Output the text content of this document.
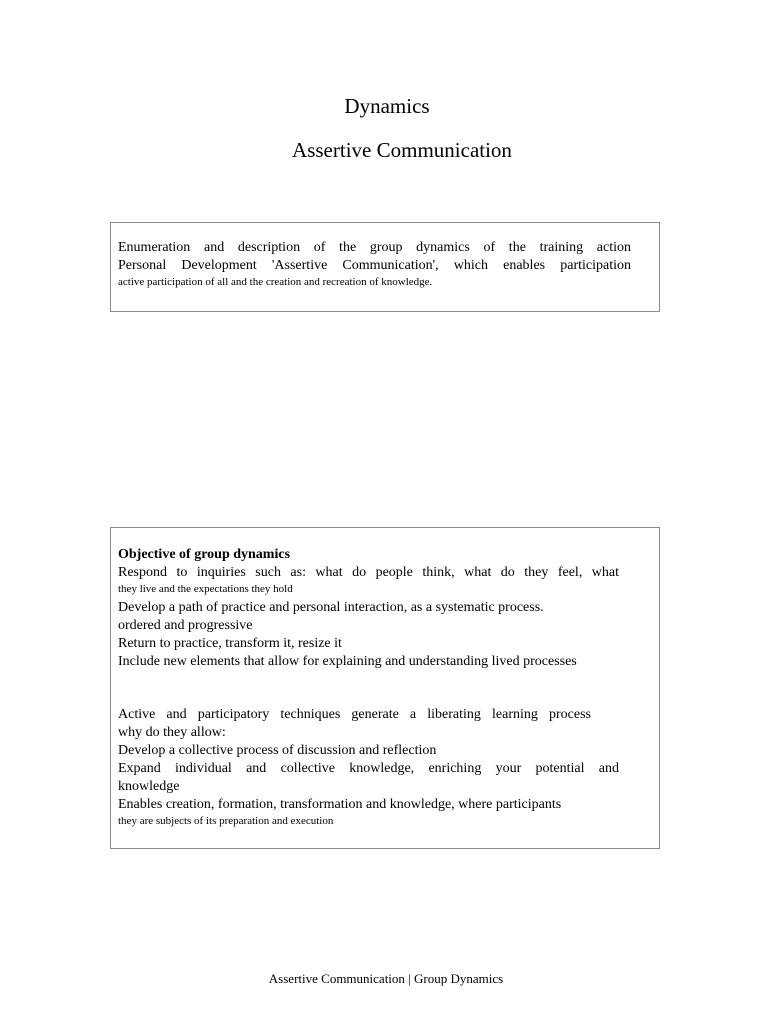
Dynamics
Assertive Communication
Enumeration and description of the group dynamics of the training action
Personal Development 'Assertive Communication', which enables participation
active participation of all and the creation and recreation of knowledge.
Objective of group dynamics
Respond to inquiries such as: what do people think, what do they feel, what
they live and the expectations they hold
Develop a path of practice and personal interaction, as a systematic process.
ordered and progressive
Return to practice, transform it, resize it
Include new elements that allow for explaining and understanding lived processes
Active and participatory techniques generate a liberating learning process
why do they allow:
Develop a collective process of discussion and reflection
Expand individual and collective knowledge, enriching your potential and
knowledge
Enables creation, formation, transformation and knowledge, where participants
they are subjects of its preparation and execution
Assertive Communication | Group Dynamics
